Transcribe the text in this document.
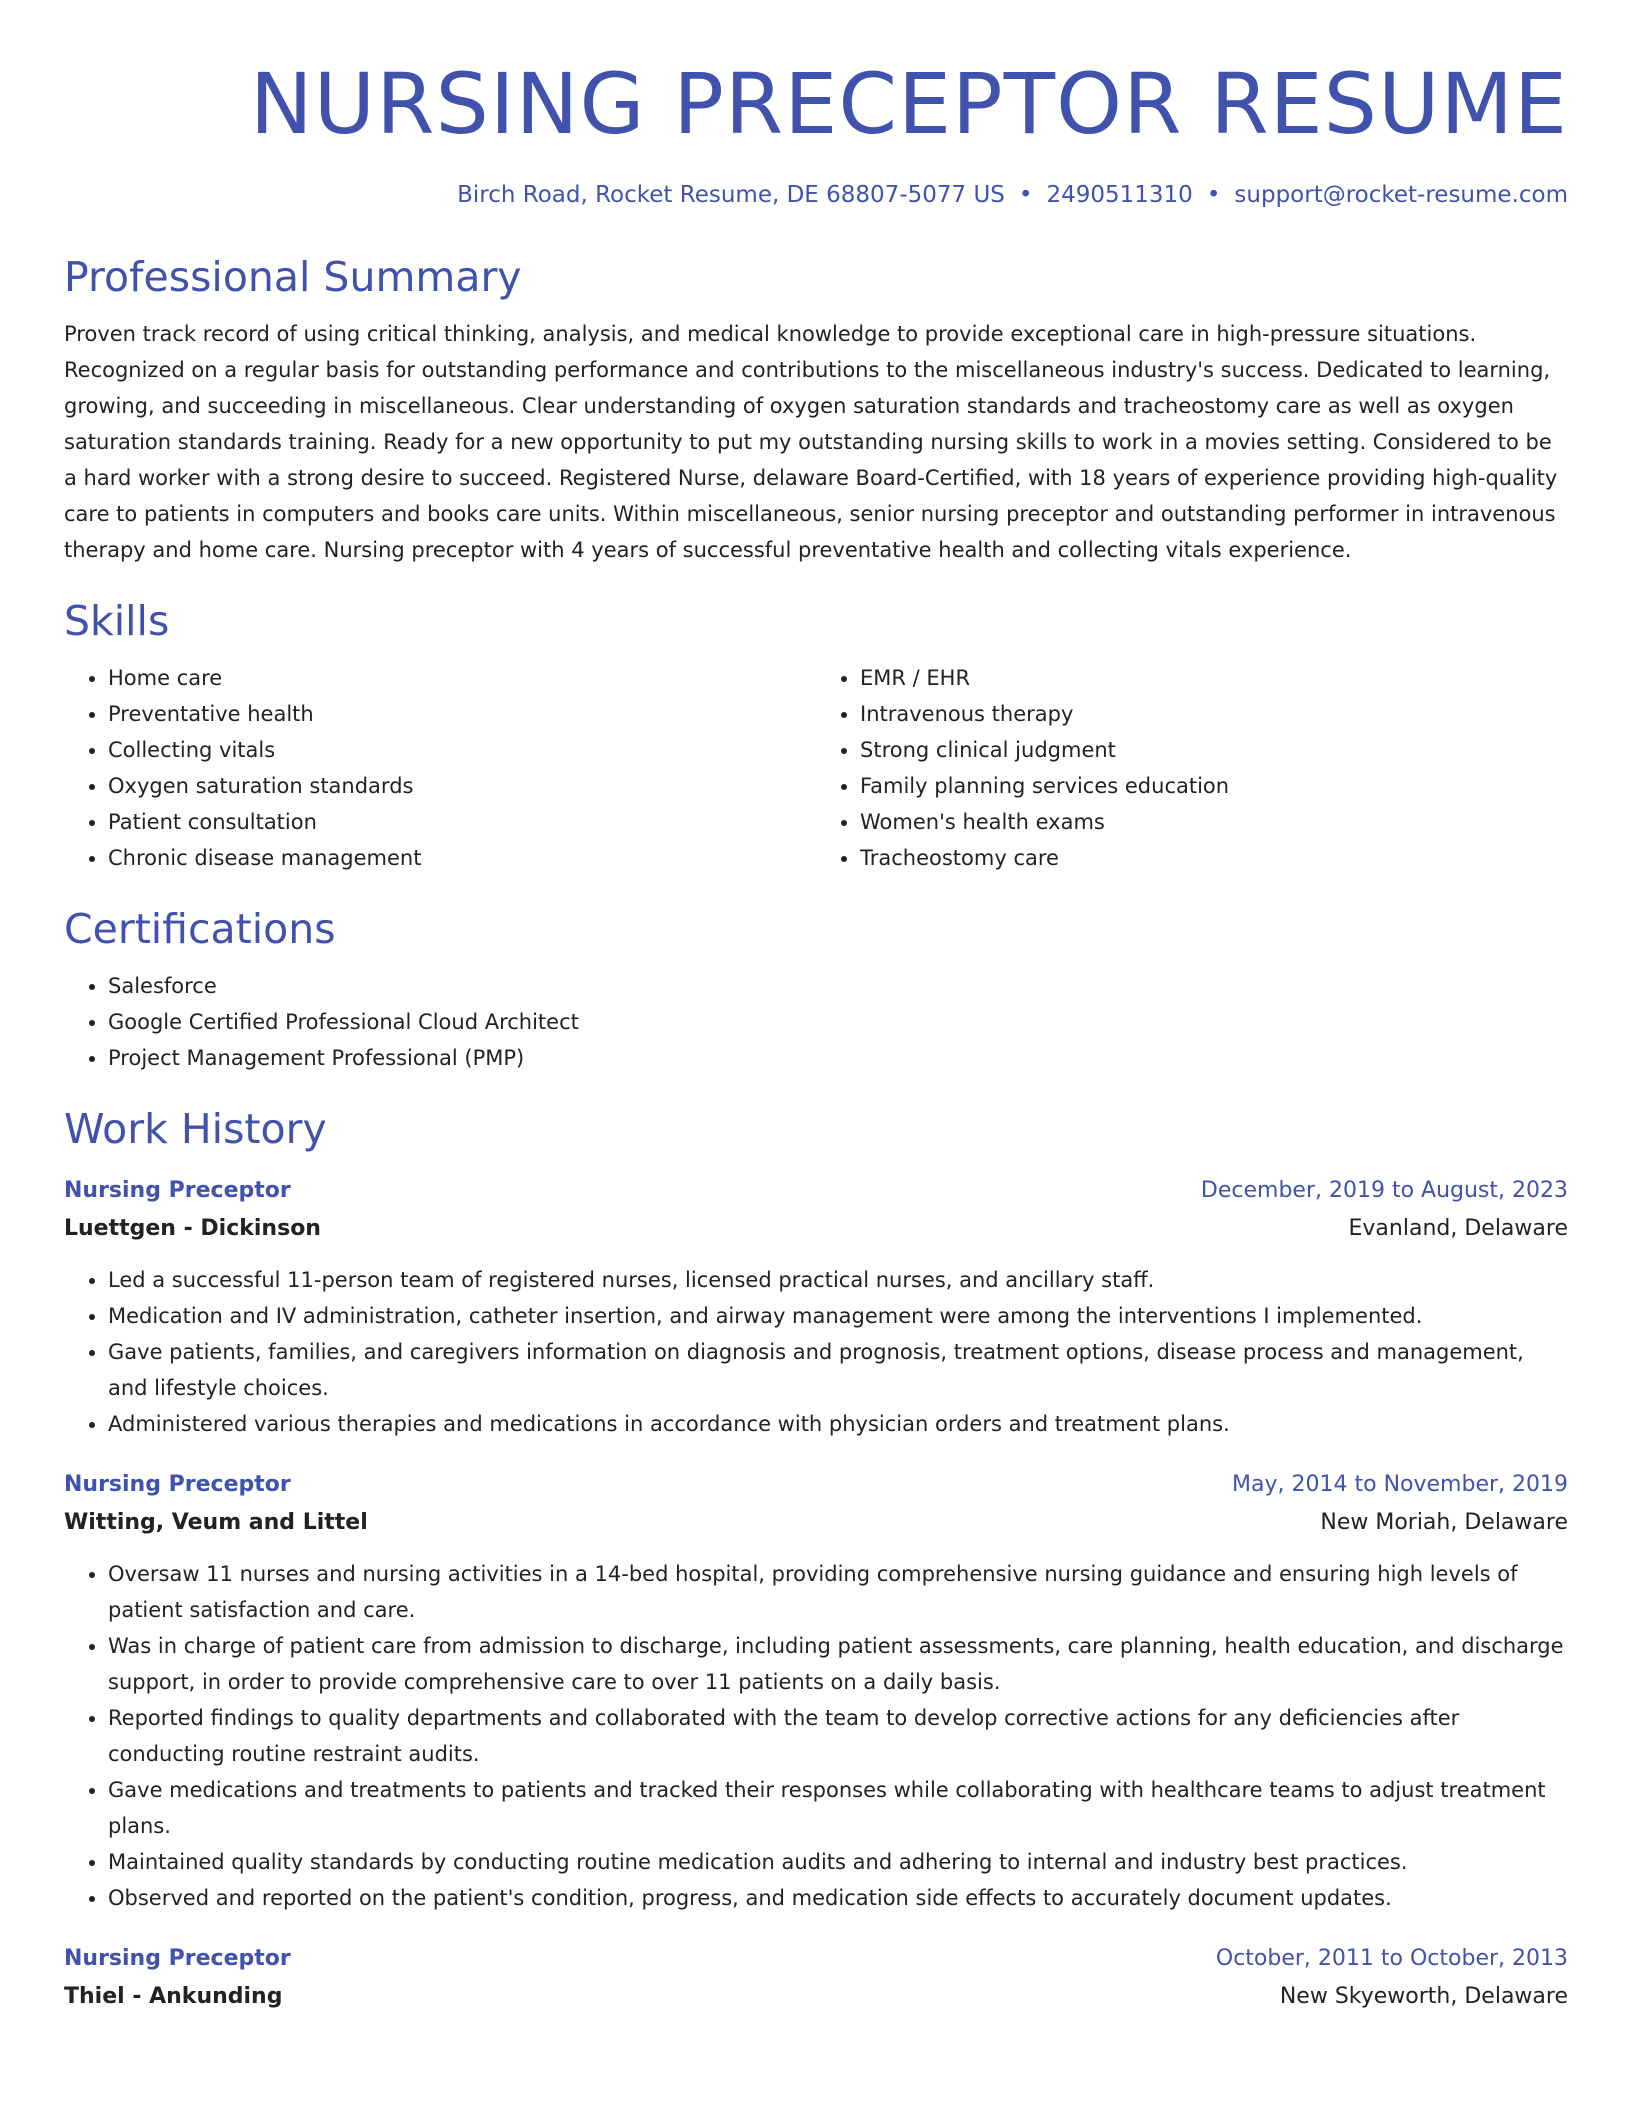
NURSING PRECEPTOR RESUME
Birch Road, Rocket Resume, DE 68807-5077 US • 2490511310 • support@rocket-resume.com
Professional Summary
Proven track record of using critical thinking, analysis, and medical knowledge to provide exceptional care in high-pressure situations. Recognized on a regular basis for outstanding performance and contributions to the miscellaneous industry's success. Dedicated to learning, growing, and succeeding in miscellaneous. Clear understanding of oxygen saturation standards and tracheostomy care as well as oxygen saturation standards training. Ready for a new opportunity to put my outstanding nursing skills to work in a movies setting. Considered to be a hard worker with a strong desire to succeed. Registered Nurse, delaware Board-Certified, with 18 years of experience providing high-quality care to patients in computers and books care units. Within miscellaneous, senior nursing preceptor and outstanding performer in intravenous therapy and home care. Nursing preceptor with 4 years of successful preventative health and collecting vitals experience.
Skills
• Home care
• Preventative health
• Collecting vitals
• Oxygen saturation standards
• Patient consultation
• Chronic disease management
• EMR / EHR
• Intravenous therapy
• Strong clinical judgment
• Family planning services education
• Women's health exams
• Tracheostomy care
Certifications
• Salesforce
• Google Certified Professional Cloud Architect
• Project Management Professional (PMP)
Work History
Nursing Preceptor	December, 2019 to August, 2023
Luettgen - Dickinson	Evanland, Delaware
• Led a successful 11-person team of registered nurses, licensed practical nurses, and ancillary staff.
• Medication and IV administration, catheter insertion, and airway management were among the interventions I implemented.
• Gave patients, families, and caregivers information on diagnosis and prognosis, treatment options, disease process and management, and lifestyle choices.
• Administered various therapies and medications in accordance with physician orders and treatment plans.
Nursing Preceptor	May, 2014 to November, 2019
Witting, Veum and Littel	New Moriah, Delaware
• Oversaw 11 nurses and nursing activities in a 14-bed hospital, providing comprehensive nursing guidance and ensuring high levels of patient satisfaction and care.
• Was in charge of patient care from admission to discharge, including patient assessments, care planning, health education, and discharge support, in order to provide comprehensive care to over 11 patients on a daily basis.
• Reported findings to quality departments and collaborated with the team to develop corrective actions for any deficiencies after conducting routine restraint audits.
• Gave medications and treatments to patients and tracked their responses while collaborating with healthcare teams to adjust treatment plans.
• Maintained quality standards by conducting routine medication audits and adhering to internal and industry best practices.
• Observed and reported on the patient's condition, progress, and medication side effects to accurately document updates.
Nursing Preceptor	October, 2011 to October, 2013
Thiel - Ankunding	New Skyeworth, Delaware
